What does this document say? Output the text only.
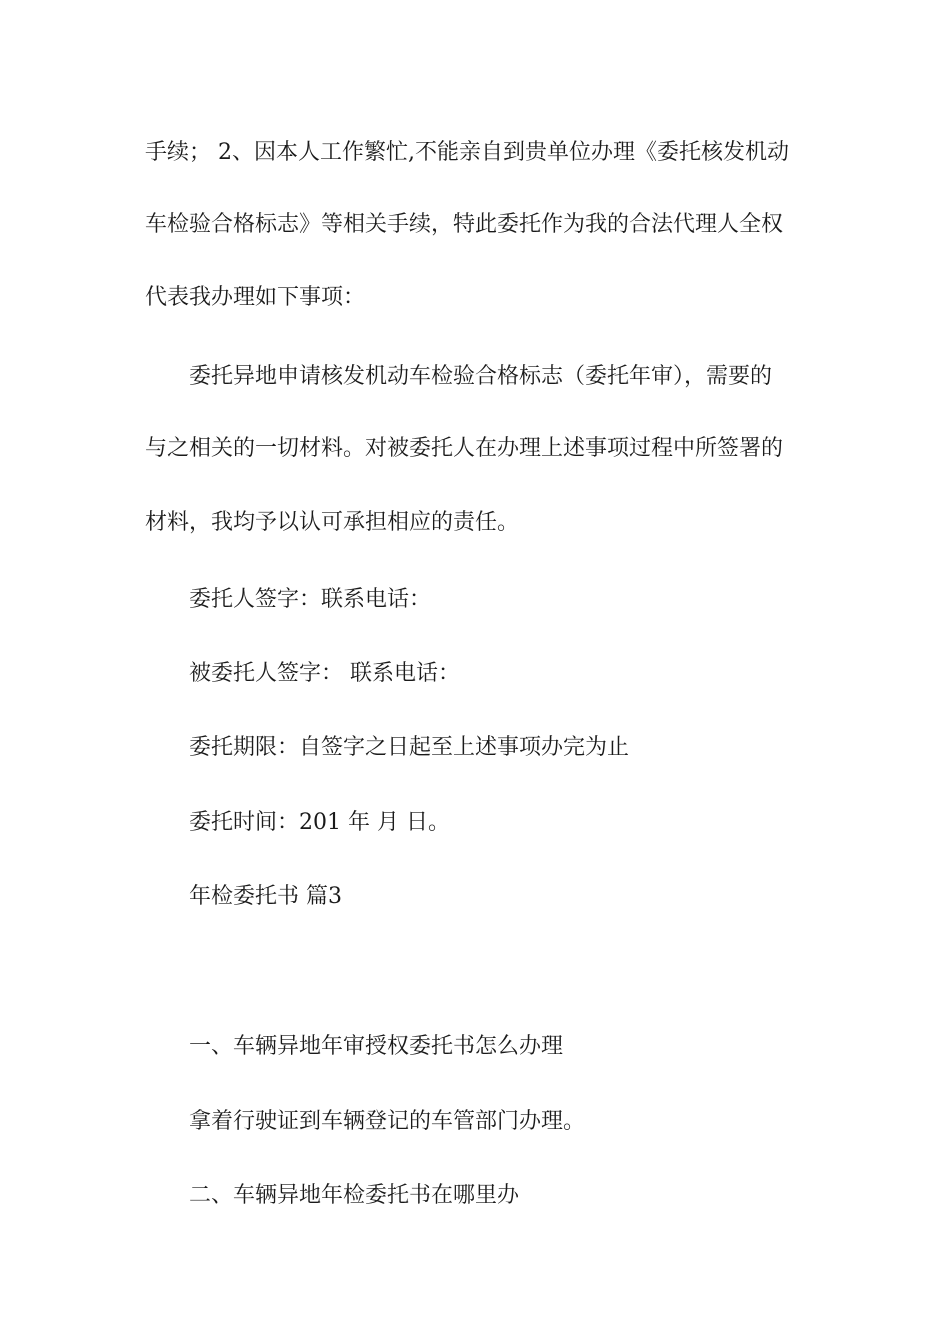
手续； 2、因本人工作繁忙,不能亲自到贵单位办理《委托核发机动
车检验合格标志》等相关手续，特此委托作为我的合法代理人全权
代表我办理如下事项：
委托异地申请核发机动车检验合格标志（委托年审），需要的
与之相关的一切材料。对被委托人在办理上述事项过程中所签署的
材料，我均予以认可承担相应的责任。
委托人签字：联系电话：
被委托人签字： 联系电话：
委托期限：自签字之日起至上述事项办完为止
委托时间：201 年 月 日。
年检委托书 篇3
一、车辆异地年审授权委托书怎么办理
拿着行驶证到车辆登记的车管部门办理。
二、车辆异地年检委托书在哪里办
